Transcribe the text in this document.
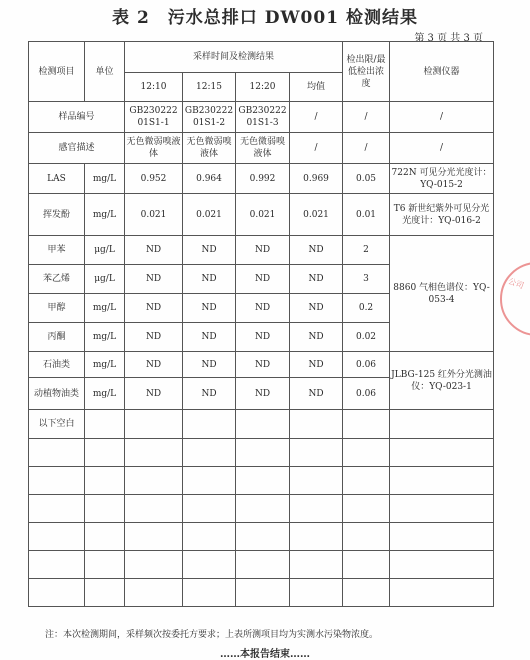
表 2　污水总排口 DW001 检测结果
第 3 页 共 3 页
检测项目	单位	采样时间及检测结果				检出限/最低检出浓度	检测仪器
		12:10	12:15	12:20	均值		
样品编号		GB230222 01S1-1	GB230222 01S1-2	GB230222 01S1-3	/	/	/
感官描述		无色微弱嗅液体	无色微弱嗅液体	无色微弱嗅液体	/	/	/
LAS	mg/L	0.952	0.964	0.992	0.969	0.05	722N 可见分光光度计：YQ-015-2
挥发酚	mg/L	0.021	0.021	0.021	0.021	0.01	T6 新世纪紫外可见分光光度计：YQ-016-2
甲苯	μg/L	ND	ND	ND	ND	2	8860 气相色谱仪：YQ-053-4
苯乙烯	μg/L	ND	ND	ND	ND	3	
甲醇	mg/L	ND	ND	ND	ND	0.2	
丙酮	mg/L	ND	ND	ND	ND	0.02	
石油类	mg/L	ND	ND	ND	ND	0.06	JLBG-125 红外分光测油仪：YQ-023-1
动植物油类	mg/L	ND	ND	ND	ND	0.06	
以下空白							

公司
注：本次检测期间，采样频次按委托方要求；上表所测项目均为实测水污染物浓度。
……本报告结束……
